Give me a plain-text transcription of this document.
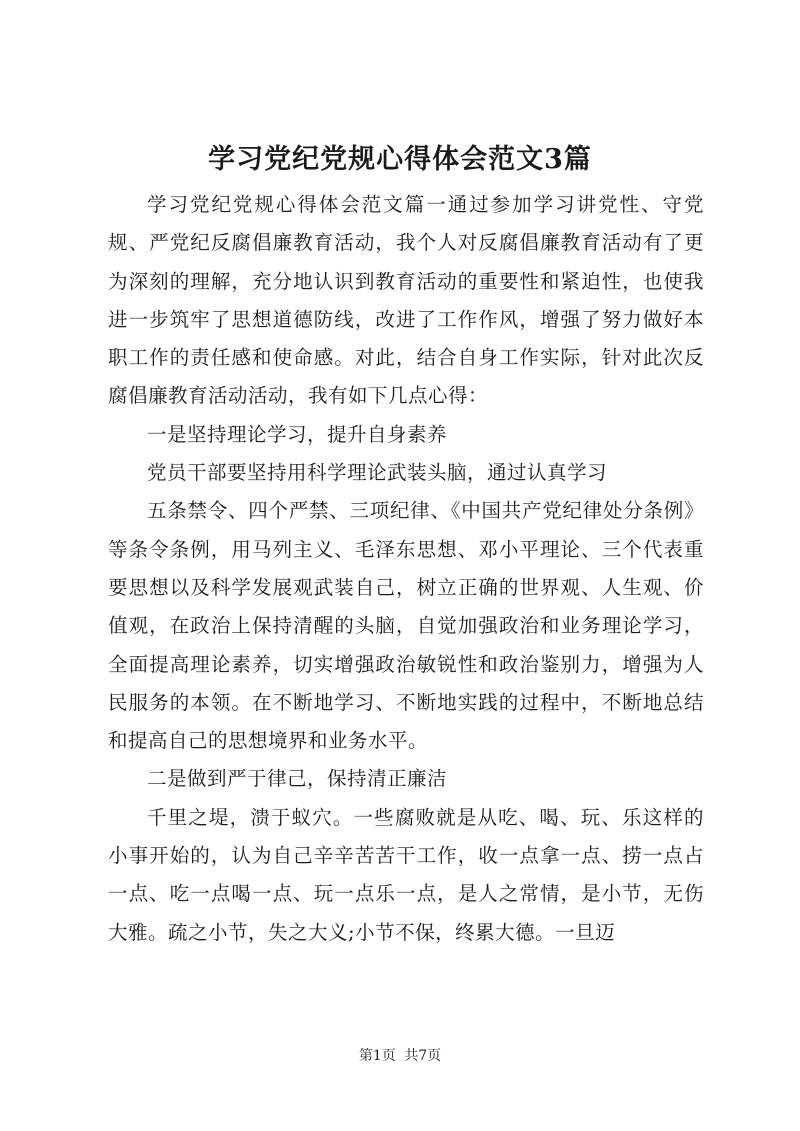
学习党纪党规心得体会范文3篇

学习党纪党规心得体会范文篇一通过参加学习讲党性、守党规、严党纪反腐倡廉教育活动，我个人对反腐倡廉教育活动有了更为深刻的理解，充分地认识到教育活动的重要性和紧迫性，也使我进一步筑牢了思想道德防线，改进了工作作风，增强了努力做好本职工作的责任感和使命感。对此，结合自身工作实际，针对此次反腐倡廉教育活动活动，我有如下几点心得：

一是坚持理论学习，提升自身素养

党员干部要坚持用科学理论武装头脑，通过认真学习

五条禁令、四个严禁、三项纪律、《中国共产党纪律处分条例》等条令条例，用马列主义、毛泽东思想、邓小平理论、三个代表重要思想以及科学发展观武装自己，树立正确的世界观、人生观、价值观，在政治上保持清醒的头脑，自觉加强政治和业务理论学习，全面提高理论素养，切实增强政治敏锐性和政治鉴别力，增强为人民服务的本领。在不断地学习、不断地实践的过程中，不断地总结和提高自己的思想境界和业务水平。

二是做到严于律己，保持清正廉洁

千里之堤，溃于蚁穴。一些腐败就是从吃、喝、玩、乐这样的小事开始的，认为自己辛辛苦苦干工作，收一点拿一点、捞一点占一点、吃一点喝一点、玩一点乐一点，是人之常情，是小节，无伤大雅。疏之小节，失之大义;小节不保，终累大德。一旦迈

第1页 共7页
